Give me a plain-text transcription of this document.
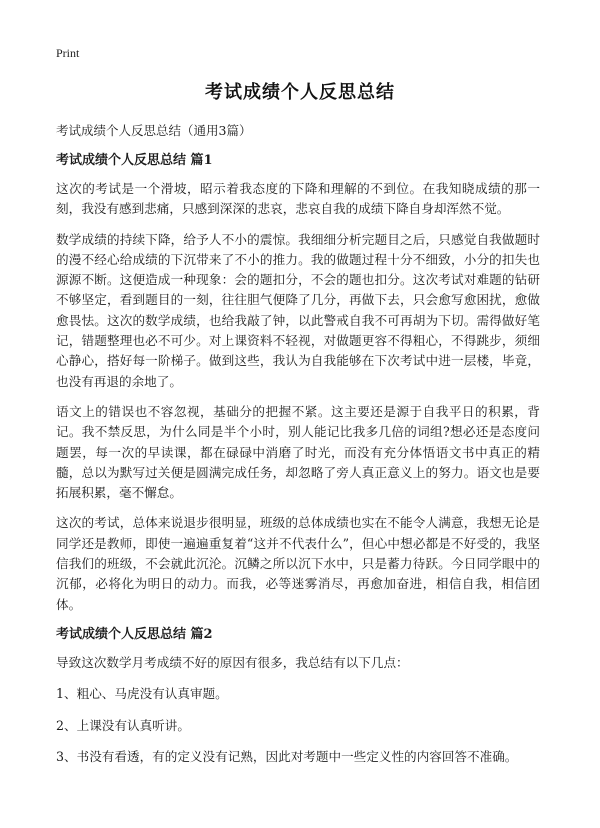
Print
考试成绩个人反思总结

考试成绩个人反思总结（通用3篇）

考试成绩个人反思总结 篇1

这次的考试是一个滑坡，昭示着我态度的下降和理解的不到位。在我知晓成绩的那一刻，我没有感到悲痛，只感到深深的悲哀，悲哀自我的成绩下降自身却浑然不觉。

数学成绩的持续下降，给予人不小的震惊。我细细分析完题目之后，只感觉自我做题时的漫不经心给成绩的下沉带来了不小的推力。我的做题过程十分不细致，小分的扣失也源源不断。这便造成一种现象：会的题扣分，不会的题也扣分。这次考试对难题的钻研不够坚定，看到题目的一刻，往往胆气便降了几分，再做下去，只会愈写愈困扰，愈做愈畏怯。这次的数学成绩，也给我敲了钟，以此警戒自我不可再胡为下切。需得做好笔记，错题整理也必不可少。对上课资料不轻视，对做题更容不得粗心，不得跳步，须细心静心，搭好每一阶梯子。做到这些，我认为自我能够在下次考试中进一层楼，毕竟，也没有再退的余地了。

语文上的错误也不容忽视，基础分的把握不紧。这主要还是源于自我平日的积累，背记。我不禁反思，为什么同是半个小时，别人能记比我多几倍的词组?想必还是态度问题罢，每一次的早读课，都在碌碌中消磨了时光，而没有充分体悟语文书中真正的精髓，总以为默写过关便是圆满完成任务，却忽略了旁人真正意义上的努力。语文也是要拓展积累，毫不懈怠。

这次的考试，总体来说退步很明显，班级的总体成绩也实在不能令人满意，我想无论是同学还是教师，即使一遍遍重复着“这并不代表什么”，但心中想必都是不好受的，我坚信我们的班级，不会就此沉沦。沉鳞之所以沉下水中，只是蓄力待跃。今日同学眼中的沉郁，必将化为明日的动力。而我，必等迷雾消尽，再愈加奋进，相信自我，相信团体。

考试成绩个人反思总结 篇2

导致这次数学月考成绩不好的原因有很多，我总结有以下几点：

1、粗心、马虎没有认真审题。

2、上课没有认真听讲。

3、书没有看透，有的定义没有记熟，因此对考题中一些定义性的内容回答不准确。
